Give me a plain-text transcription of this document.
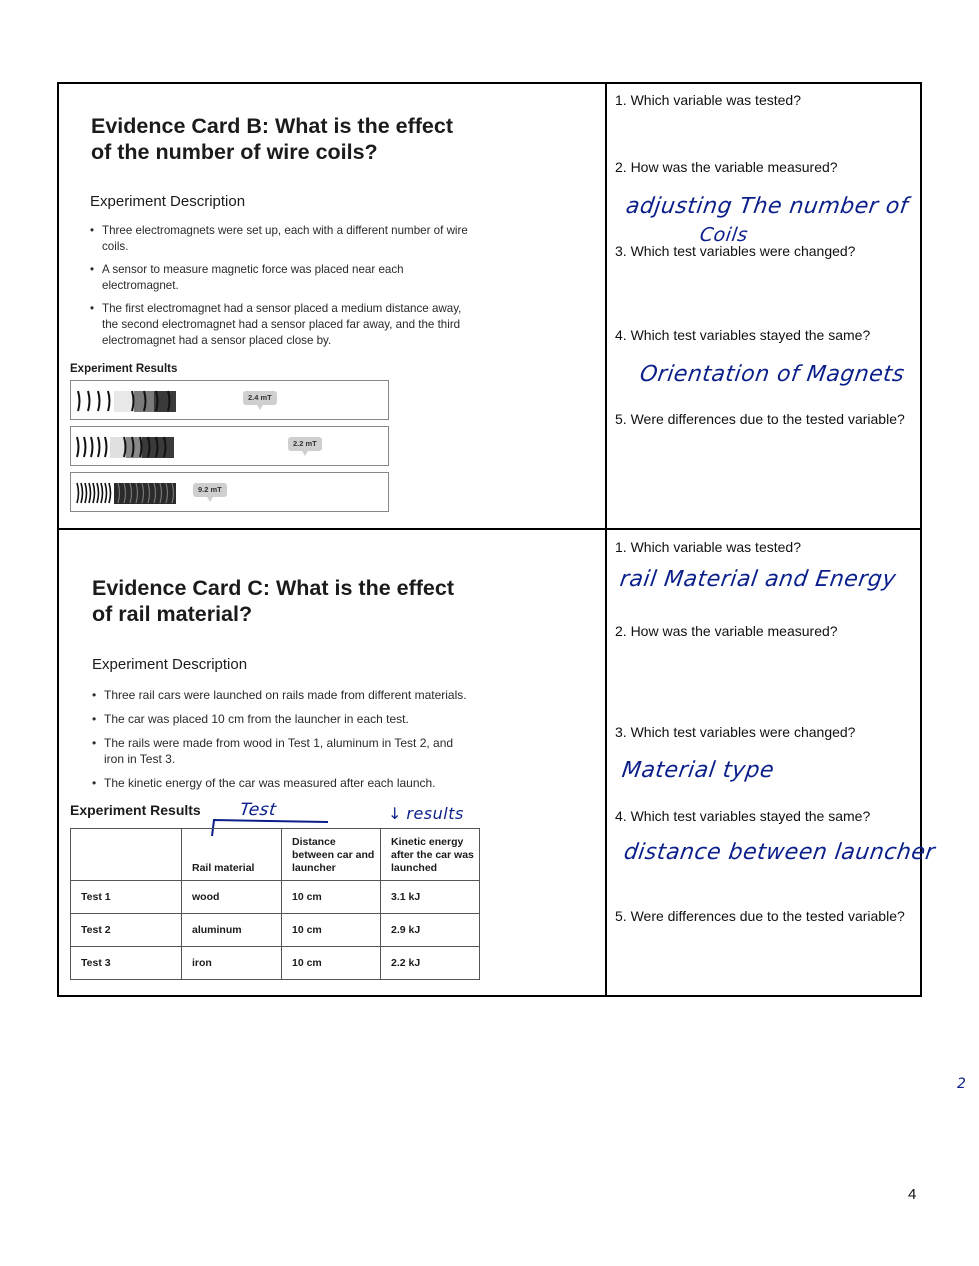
Evidence Card B: What is the effect
of the number of wire coils?
Experiment Description
• Three electromagnets were set up, each with a different number of wire coils.
• A sensor to measure magnetic force was placed near each electromagnet.
• The first electromagnet had a sensor placed a medium distance away, the second electromagnet had a sensor placed far away, and the third electromagnet had a sensor placed close by.
Experiment Results
2.4 mT
2.2 mT
9.2 mT
1. Which variable was tested?
2. How was the variable measured?
3. Which test variables were changed?
4. Which test variables stayed the same?
5. Were differences due to the tested variable?
adjusting The number of
Coils
Orientation of Magnets
Evidence Card C: What is the effect
of rail material?
Experiment Description
• Three rail cars were launched on rails made from different materials.
• The car was placed 10 cm from the launcher in each test.
• The rails were made from wood in Test 1, aluminum in Test 2, and iron in Test 3.
• The kinetic energy of the car was measured after each launch.
Experiment Results Test	↓ results
	Rail material	Distance between car and launcher	Kinetic energy after the car was launched
Test 1	wood	10 cm	3.1 kJ
Test 2	aluminum	10 cm	2.9 kJ
Test 3	iron	10 cm	2.2 kJ
1. Which variable was tested?
2. How was the variable measured?
3. Which test variables were changed?
4. Which test variables stayed the same?
5. Were differences due to the tested variable?
rail Material and Energy
Material type
distance between launcher
2
4
